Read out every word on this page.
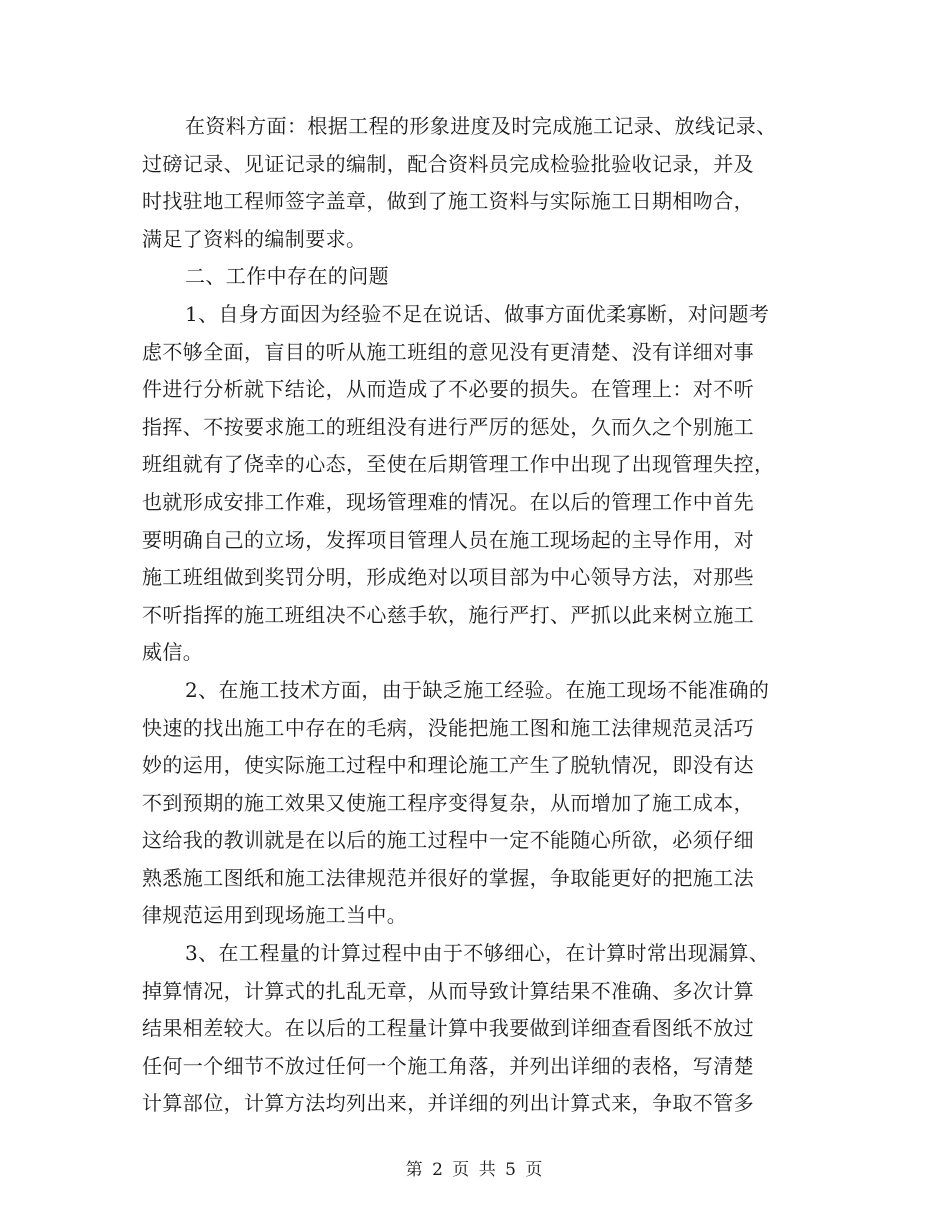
在资料方面：根据工程的形象进度及时完成施工记录、放线记录、
过磅记录、见证记录的编制，配合资料员完成检验批验收记录，并及
时找驻地工程师签字盖章，做到了施工资料与实际施工日期相吻合，
满足了资料的编制要求。
二、工作中存在的问题
1、自身方面因为经验不足在说话、做事方面优柔寡断，对问题考
虑不够全面，盲目的听从施工班组的意见没有更清楚、没有详细对事
件进行分析就下结论，从而造成了不必要的损失。在管理上：对不听
指挥、不按要求施工的班组没有进行严厉的惩处，久而久之个别施工
班组就有了侥幸的心态，至使在后期管理工作中出现了出现管理失控，
也就形成安排工作难，现场管理难的情况。在以后的管理工作中首先
要明确自己的立场，发挥项目管理人员在施工现场起的主导作用，对
施工班组做到奖罚分明，形成绝对以项目部为中心领导方法，对那些
不听指挥的施工班组决不心慈手软，施行严打、严抓以此来树立施工
威信。
2、在施工技术方面，由于缺乏施工经验。在施工现场不能准确的
快速的找出施工中存在的毛病，没能把施工图和施工法律规范灵活巧
妙的运用，使实际施工过程中和理论施工产生了脱轨情况，即没有达
不到预期的施工效果又使施工程序变得复杂，从而增加了施工成本，
这给我的教训就是在以后的施工过程中一定不能随心所欲，必须仔细
熟悉施工图纸和施工法律规范并很好的掌握，争取能更好的把施工法
律规范运用到现场施工当中。
3、在工程量的计算过程中由于不够细心，在计算时常出现漏算、
掉算情况，计算式的扎乱无章，从而导致计算结果不准确、多次计算
结果相差较大。在以后的工程量计算中我要做到详细查看图纸不放过
任何一个细节不放过任何一个施工角落，并列出详细的表格，写清楚
计算部位，计算方法均列出来，并详细的列出计算式来，争取不管多
第 2 页 共 5 页
